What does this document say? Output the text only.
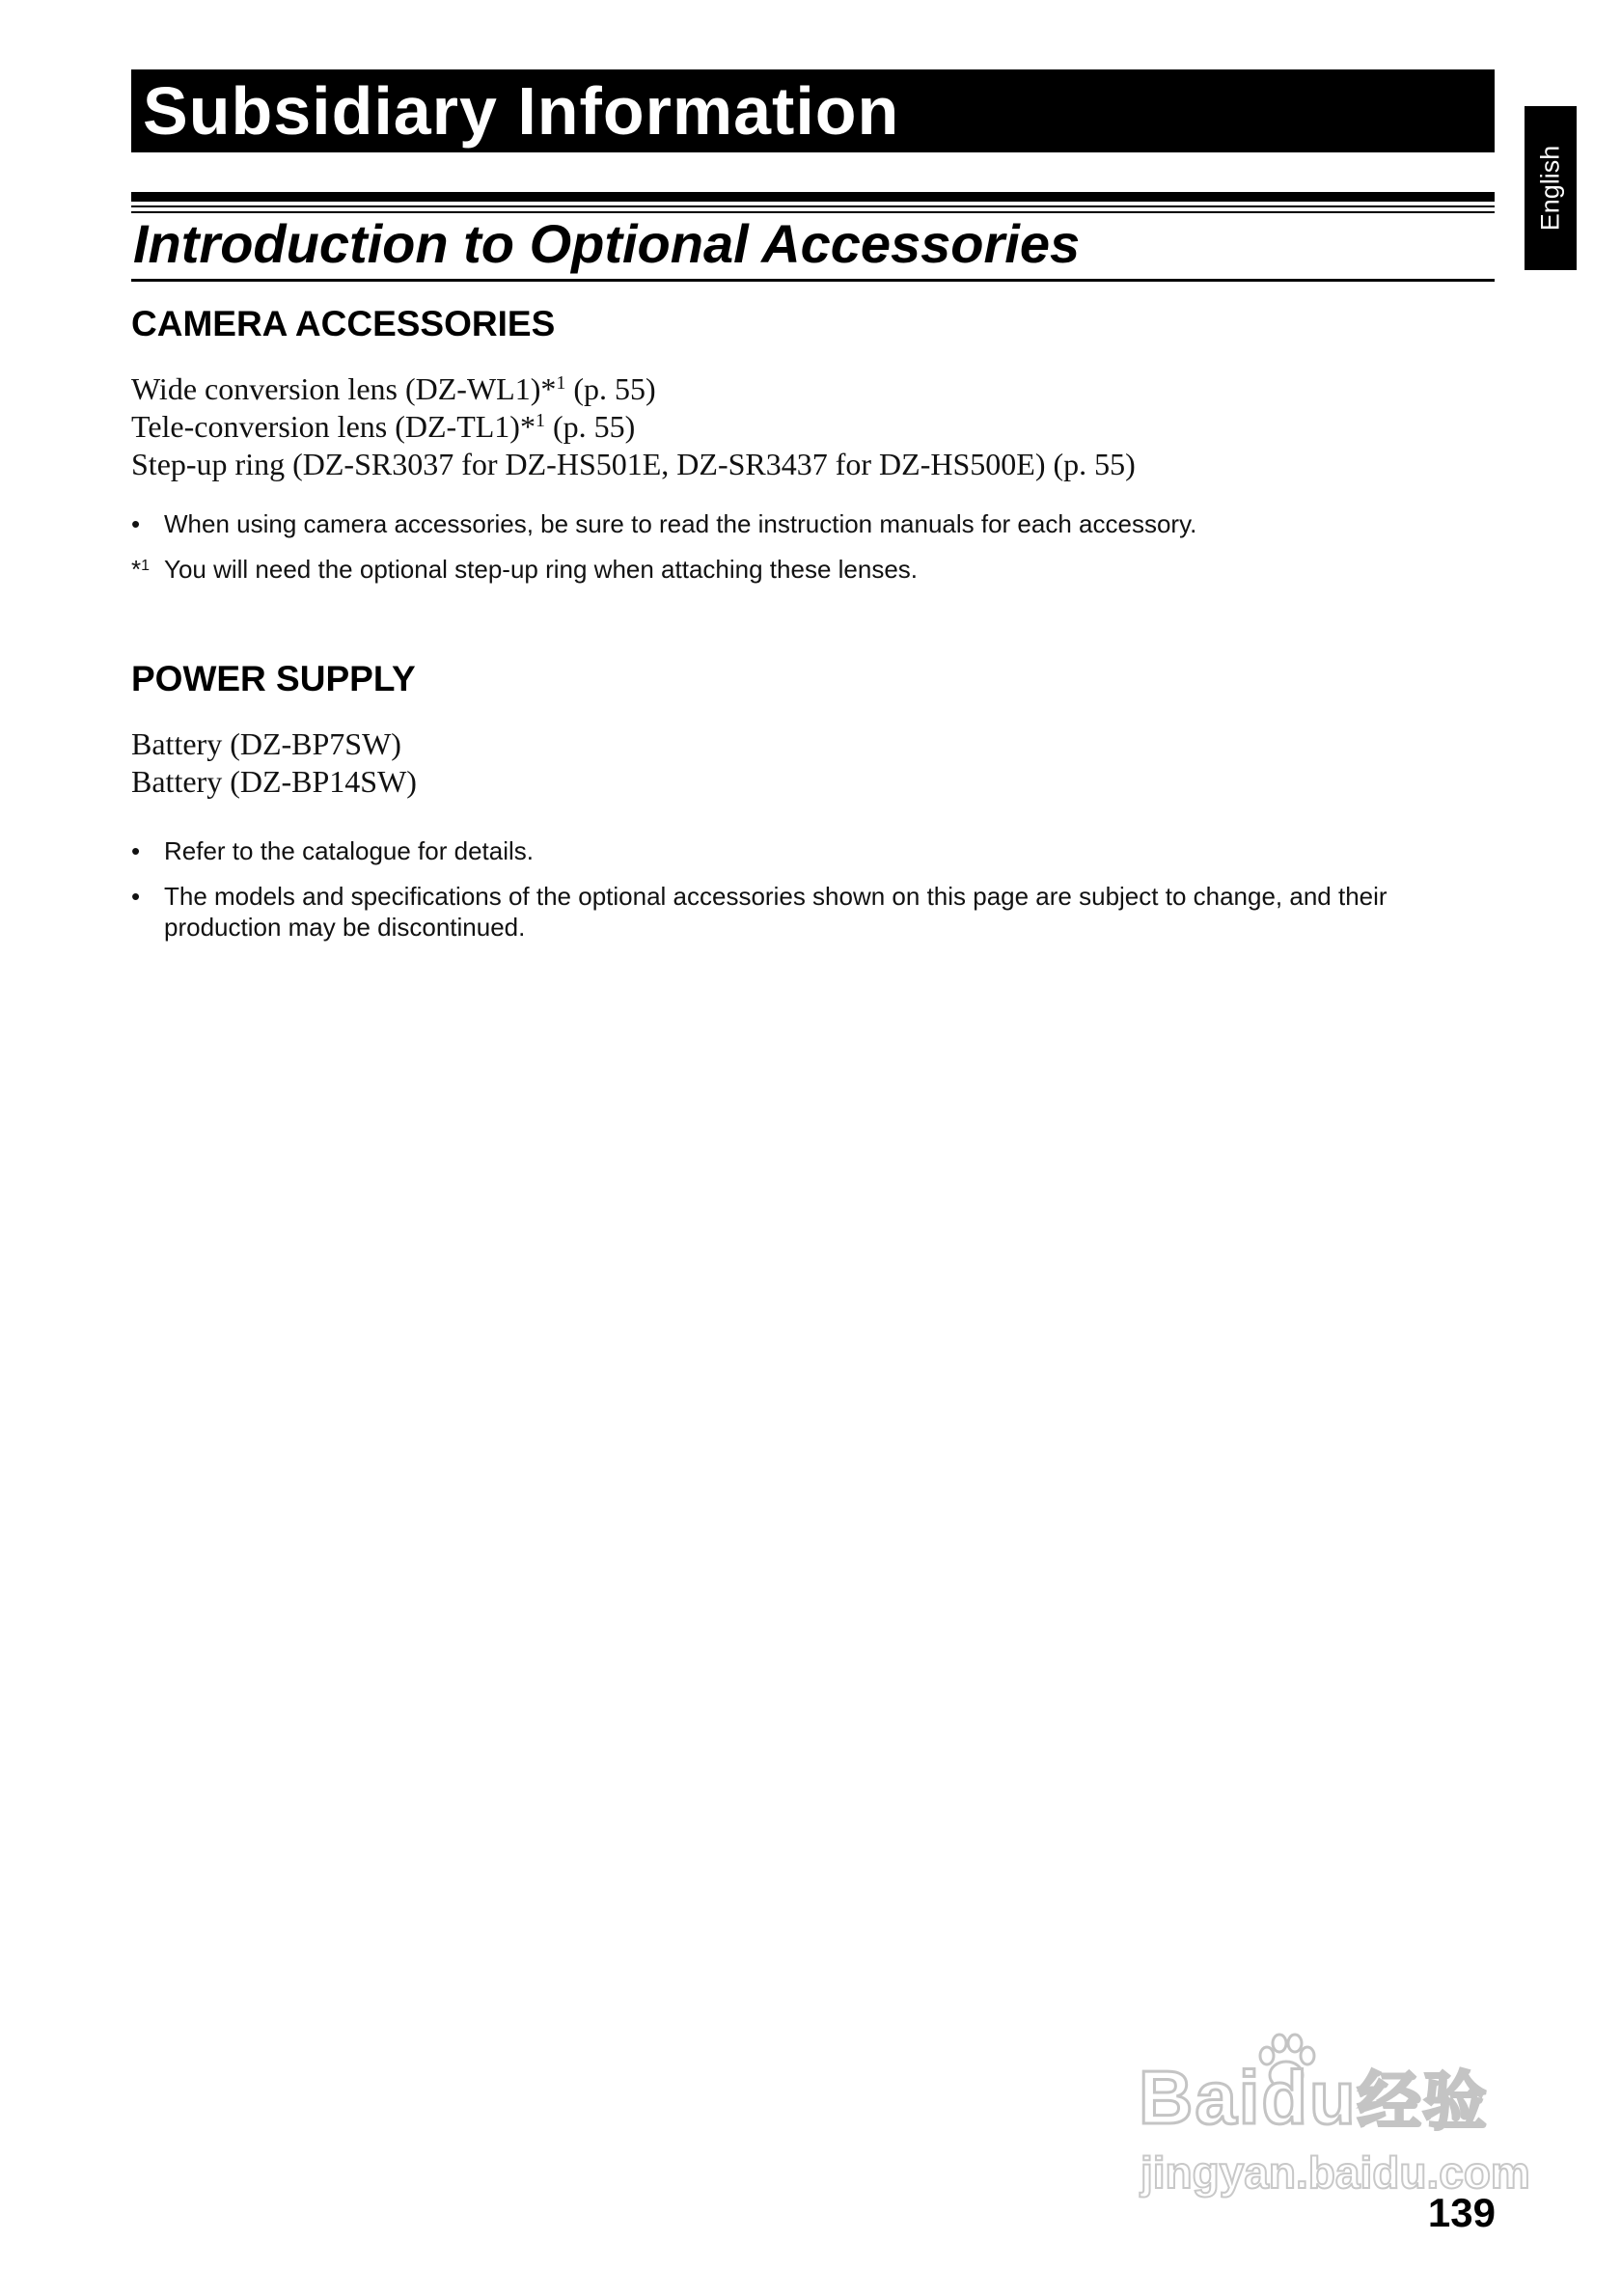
Subsidiary Information
English
Introduction to Optional Accessories
CAMERA ACCESSORIES
Wide conversion lens (DZ-WL1)*$^1$ (p. 55)
Tele-conversion lens (DZ-TL1)*$^1$ (p. 55)
Step-up ring (DZ-SR3037 for DZ-HS501E, DZ-SR3437 for DZ-HS500E) (p. 55)
• When using camera accessories, be sure to read the instruction manuals for each accessory.
*$^1$ You will need the optional step-up ring when attaching these lenses.
POWER SUPPLY
Battery (DZ-BP7SW)
Battery (DZ-BP14SW)
• Refer to the catalogue for details.
• The models and specifications of the optional accessories shown on this page are subject to change, and their production may be discontinued.
Baidu经验
jingyan.baidu.com
139
